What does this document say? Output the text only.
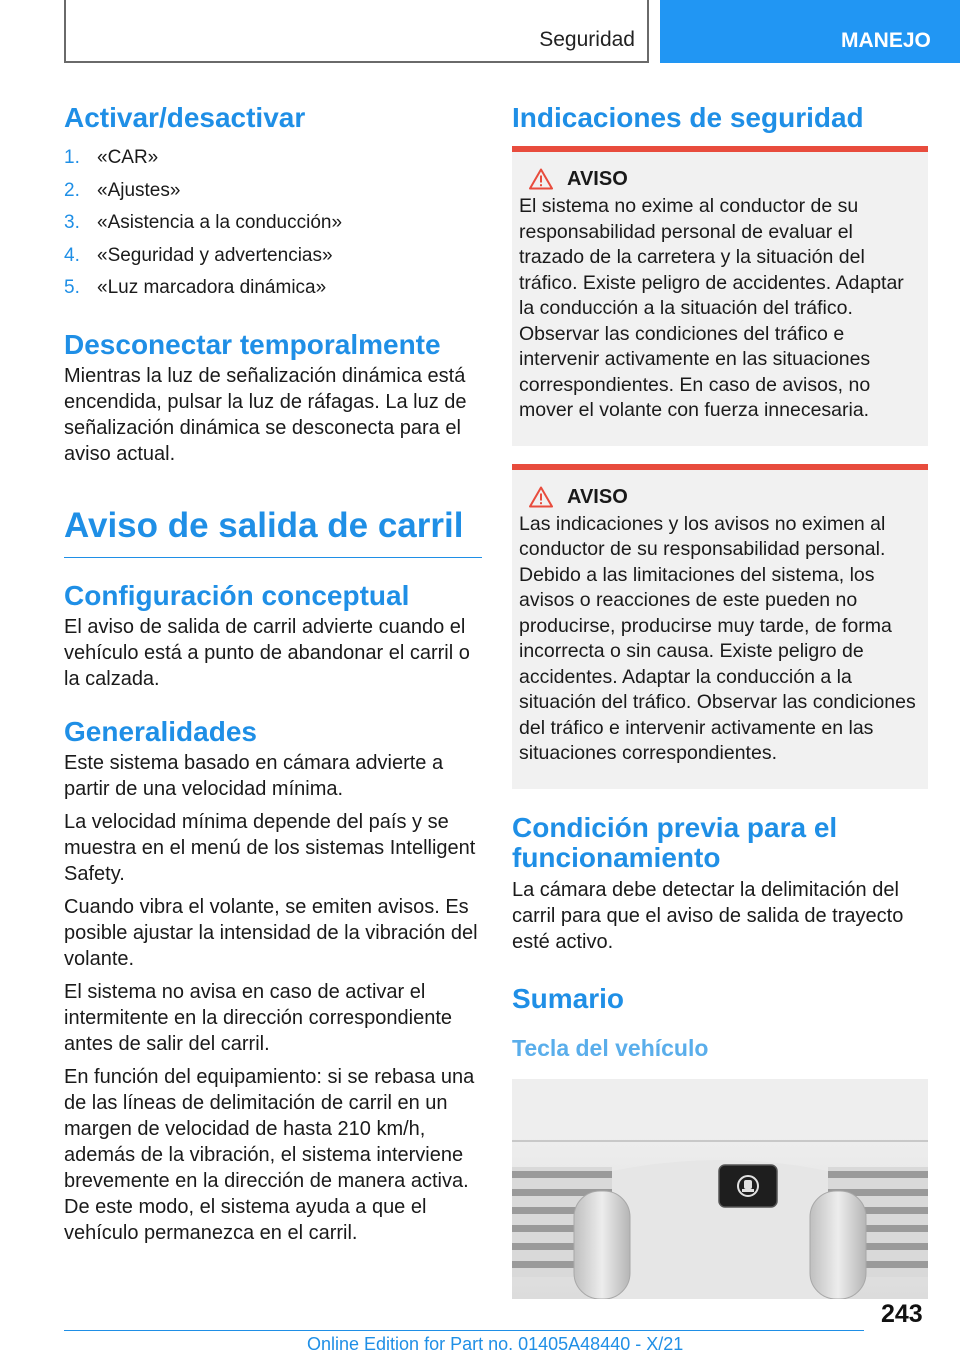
Seguridad	MANEJO
Activar/desactivar
1. «CAR»
2. «Ajustes»
3. «Asistencia a la conducción»
4. «Seguridad y advertencias»
5. «Luz marcadora dinámica»
Desconectar temporalmente

Mientras la luz de señalización dinámica está encendida, pulsar la luz de ráfagas. La luz de señalización dinámica se desconecta para el aviso actual.

Aviso de salida de carril
Configuración conceptual

El aviso de salida de carril advierte cuando el vehículo está a punto de abandonar el carril o la calzada.

Generalidades

Este sistema basado en cámara advierte a partir de una velocidad mínima.

La velocidad mínima depende del país y se muestra en el menú de los sistemas Intelligent Safety.

Cuando vibra el volante, se emiten avisos. Es posible ajustar la intensidad de la vibración del volante.

El sistema no avisa en caso de activar el intermitente en la dirección correspondiente antes de salir del carril.

En función del equipamiento: si se rebasa una de las líneas de delimitación de carril en un margen de velocidad de hasta 210 km/h, además de la vibración, el sistema interviene brevemente en la dirección de manera activa. De este modo, el sistema ayuda a que el vehículo permanezca en el carril.

Indicaciones de seguridad
AVISO

El sistema no exime al conductor de su responsabilidad personal de evaluar el trazado de la carretera y la situación del tráfico. Existe peligro de accidentes. Adaptar la conducción a la situación del tráfico. Observar las condiciones del tráfico e intervenir activamente en las situaciones correspondientes. En caso de avisos, no mover el volante con fuerza innecesaria.

AVISO

Las indicaciones y los avisos no eximen al conductor de su responsabilidad personal. Debido a las limitaciones del sistema, los avisos o reacciones de este pueden no producirse, producirse muy tarde, de forma incorrecta o sin causa. Existe peligro de accidentes. Adaptar la conducción a la situación del tráfico. Observar las condiciones del tráfico e intervenir activamente en las situaciones correspondientes.

Condición previa para el funcionamiento

La cámara debe detectar la delimitación del carril para que el aviso de salida de trayecto esté activo.

Sumario
Tecla del vehículo
243
Online Edition for Part no. 01405A48440 - X/21
